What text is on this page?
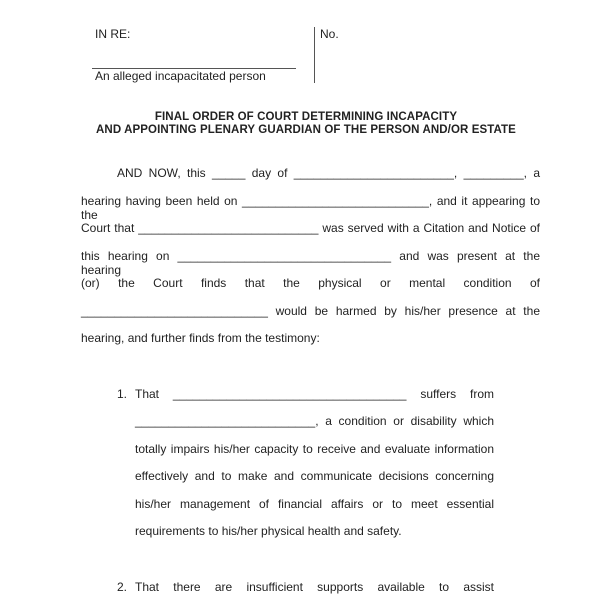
IN RE:	No.
An alleged incapacitated person
FINAL ORDER OF COURT DETERMINING INCAPACITY
AND APPOINTING PLENARY GUARDIAN OF THE PERSON AND/OR ESTATE
AND NOW, this _____ day of ________________________, _________, a
hearing having been held on ____________________________, and it appearing to the
Court that ___________________________ was served with a Citation and Notice of
this hearing on ________________________________ and was present at the hearing
(or) the Court finds that the physical or mental condition of
____________________________ would be harmed by his/her presence at the
hearing, and further finds from the testimony:
1. That ___________________________________ suffers from
___________________________, a condition or disability which
totally impairs his/her capacity to receive and evaluate information
effectively and to make and communicate decisions concerning
his/her management of financial affairs or to meet essential
requirements to his/her physical health and safety.
2. That there are insufficient supports available to assist
